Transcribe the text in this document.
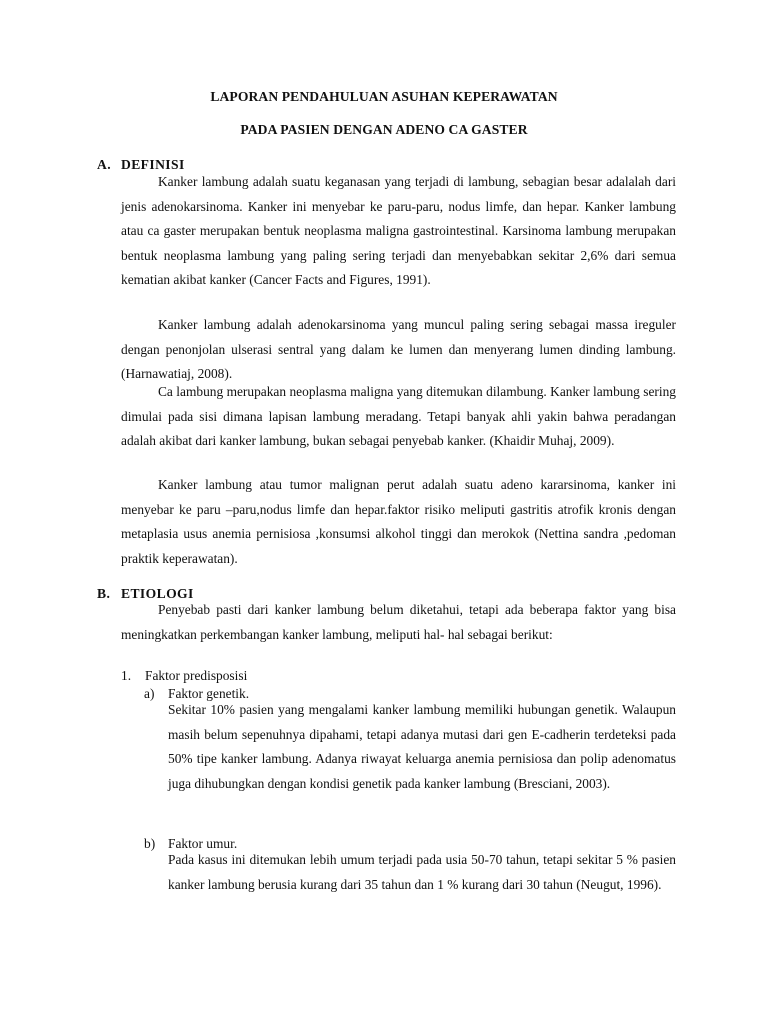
LAPORAN PENDAHULUAN ASUHAN KEPERAWATAN

PADA PASIEN DENGAN ADENO CA GASTER

A. DEFINISI

Kanker lambung adalah suatu keganasan yang terjadi di lambung, sebagian besar adalalah dari jenis adenokarsinoma. Kanker ini menyebar ke paru-paru, nodus limfe, dan hepar. Kanker lambung atau ca gaster merupakan bentuk neoplasma maligna gastrointestinal. Karsinoma lambung merupakan bentuk neoplasma lambung yang paling sering terjadi dan menyebabkan sekitar 2,6% dari semua kematian akibat kanker (Cancer Facts and Figures, 1991).

Kanker lambung adalah adenokarsinoma yang muncul paling sering sebagai massa ireguler dengan penonjolan ulserasi sentral yang dalam ke lumen dan menyerang lumen dinding lambung. (Harnawatiaj, 2008).

Ca lambung merupakan neoplasma maligna yang ditemukan dilambung. Kanker lambung sering dimulai pada sisi dimana lapisan lambung meradang. Tetapi banyak ahli yakin bahwa peradangan adalah akibat dari kanker lambung, bukan sebagai penyebab kanker. (Khaidir Muhaj, 2009).

Kanker lambung atau tumor malignan perut adalah suatu adeno kararsinoma, kanker ini menyebar ke paru –paru,nodus limfe dan hepar.faktor risiko meliputi gastritis atrofik kronis dengan metaplasia usus anemia pernisiosa ,konsumsi alkohol tinggi dan merokok (Nettina sandra ,pedoman praktik keperawatan).

B. ETIOLOGI

Penyebab pasti dari kanker lambung belum diketahui, tetapi ada beberapa faktor yang bisa meningkatkan perkembangan kanker lambung, meliputi hal- hal sebagai berikut:

1. Faktor predisposisi

a) Faktor genetik.

Sekitar 10% pasien yang mengalami kanker lambung memiliki hubungan genetik. Walaupun masih belum sepenuhnya dipahami, tetapi adanya mutasi dari gen E-cadherin terdeteksi pada 50% tipe kanker lambung. Adanya riwayat keluarga anemia pernisiosa dan polip adenomatus juga dihubungkan dengan kondisi genetik pada kanker lambung (Bresciani, 2003).

b) Faktor umur.

Pada kasus ini ditemukan lebih umum terjadi pada usia 50-70 tahun, tetapi sekitar 5 % pasien kanker lambung berusia kurang dari 35 tahun dan 1 % kurang dari 30 tahun (Neugut, 1996).
